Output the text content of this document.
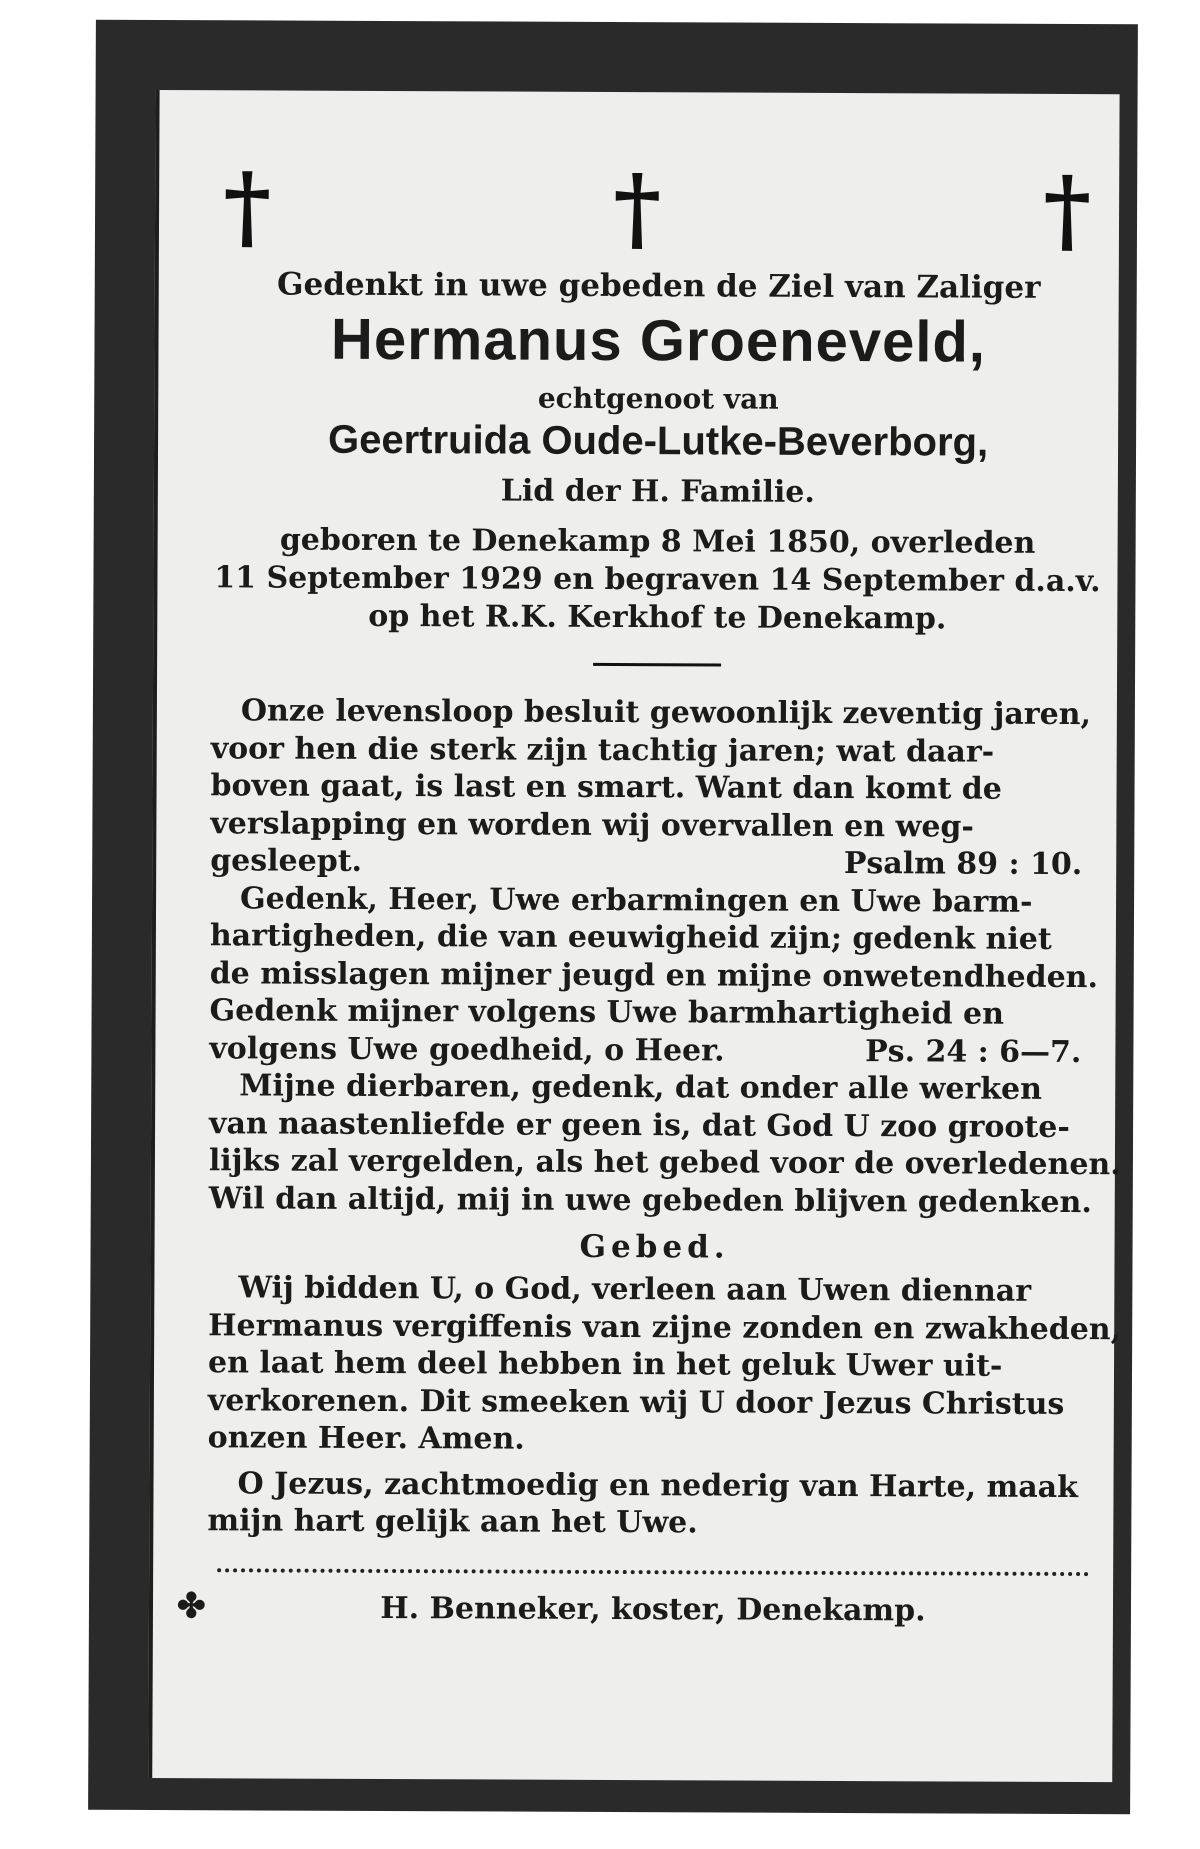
†	†	†
Gedenkt in uwe gebeden de Ziel van Zaliger
Hermanus Groeneveld,
echtgenoot van
Geertruida Oude-Lutke-Beverborg,
Lid der H. Familie.
geboren te Denekamp 8 Mei 1850, overleden
11 September 1929 en begraven 14 September d.a.v.
op het R.K. Kerkhof te Denekamp.
Onze levensloop besluit gewoonlijk zeventig jaren,
voor hen die sterk zijn tachtig jaren; wat daar-
boven gaat, is last en smart. Want dan komt de
verslapping en worden wij overvallen en weg-
gesleept.	Psalm 89 : 10.
Gedenk, Heer, Uwe erbarmingen en Uwe barm-
hartigheden, die van eeuwigheid zijn; gedenk niet
de misslagen mijner jeugd en mijne onwetendheden.
Gedenk mijner volgens Uwe barmhartigheid en
volgens Uwe goedheid, o Heer.	Ps. 24 : 6—7.
Mijne dierbaren, gedenk, dat onder alle werken
van naastenliefde er geen is, dat God U zoo groote-
lijks zal vergelden, als het gebed voor de overledenen.
Wil dan altijd, mij in uwe gebeden blijven gedenken.
Gebed.
Wij bidden U, o God, verleen aan Uwen diennar
Hermanus vergiffenis van zijne zonden en zwakheden,
en laat hem deel hebben in het geluk Uwer uit-
verkorenen. Dit smeeken wij U door Jezus Christus
onzen Heer. Amen.
O Jezus, zachtmoedig en nederig van Harte, maak
mijn hart gelijk aan het Uwe.
✤	H. Benneker, koster, Denekamp.
